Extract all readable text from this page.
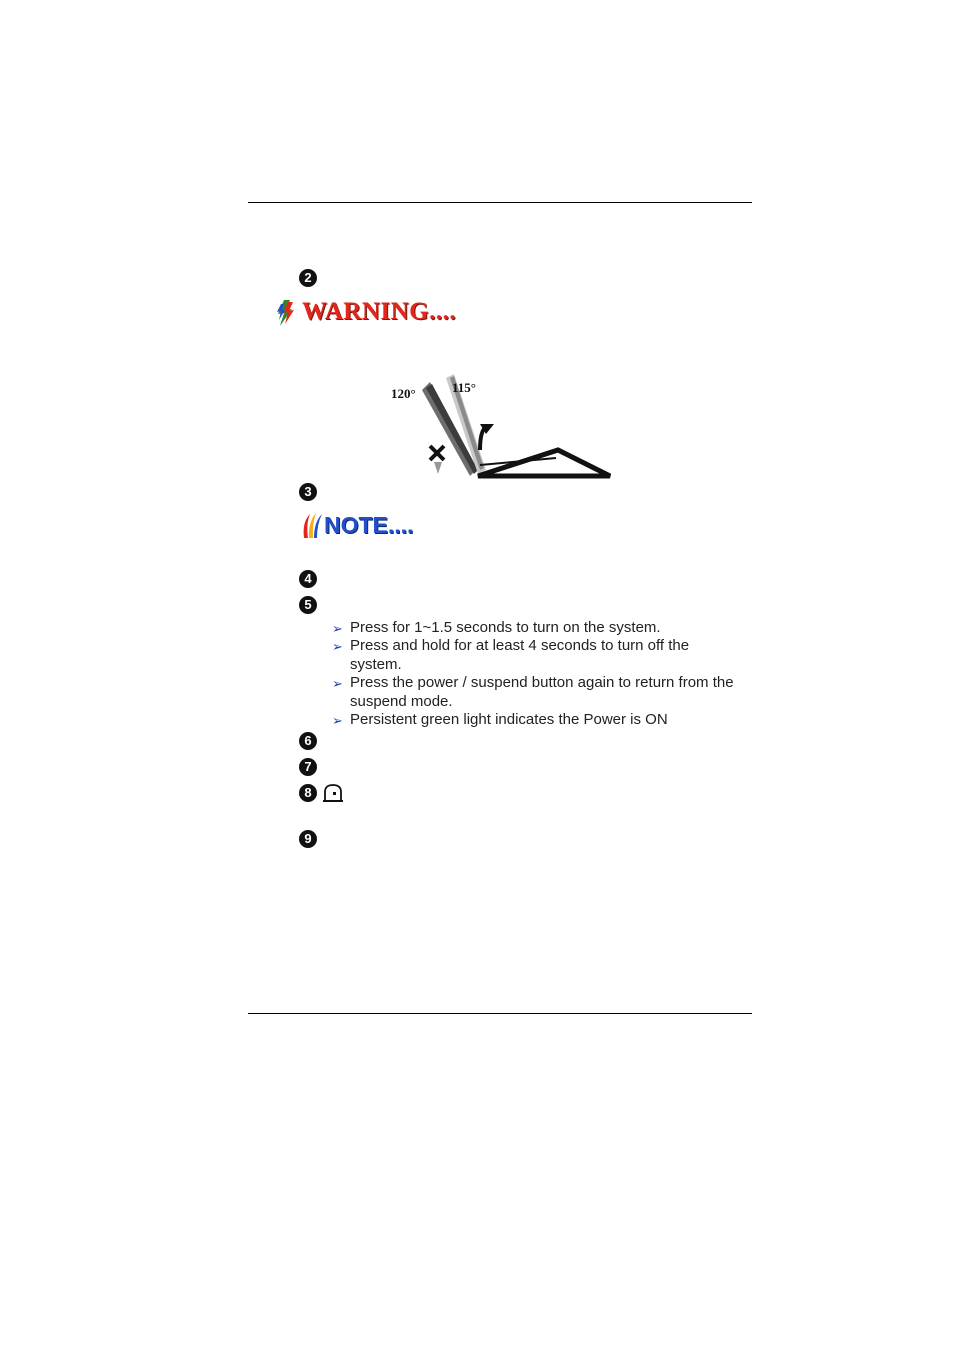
2
WARNING....
120°	115°
3
NOTE....
4
5
➢ Press for 1~1.5 seconds to turn on the system.
➢ Press and hold for at least 4 seconds to turn off the system.
➢ Press the power / suspend button again to return from the suspend mode.
➢ Persistent green light indicates the Power is ON
6
7
8
9
